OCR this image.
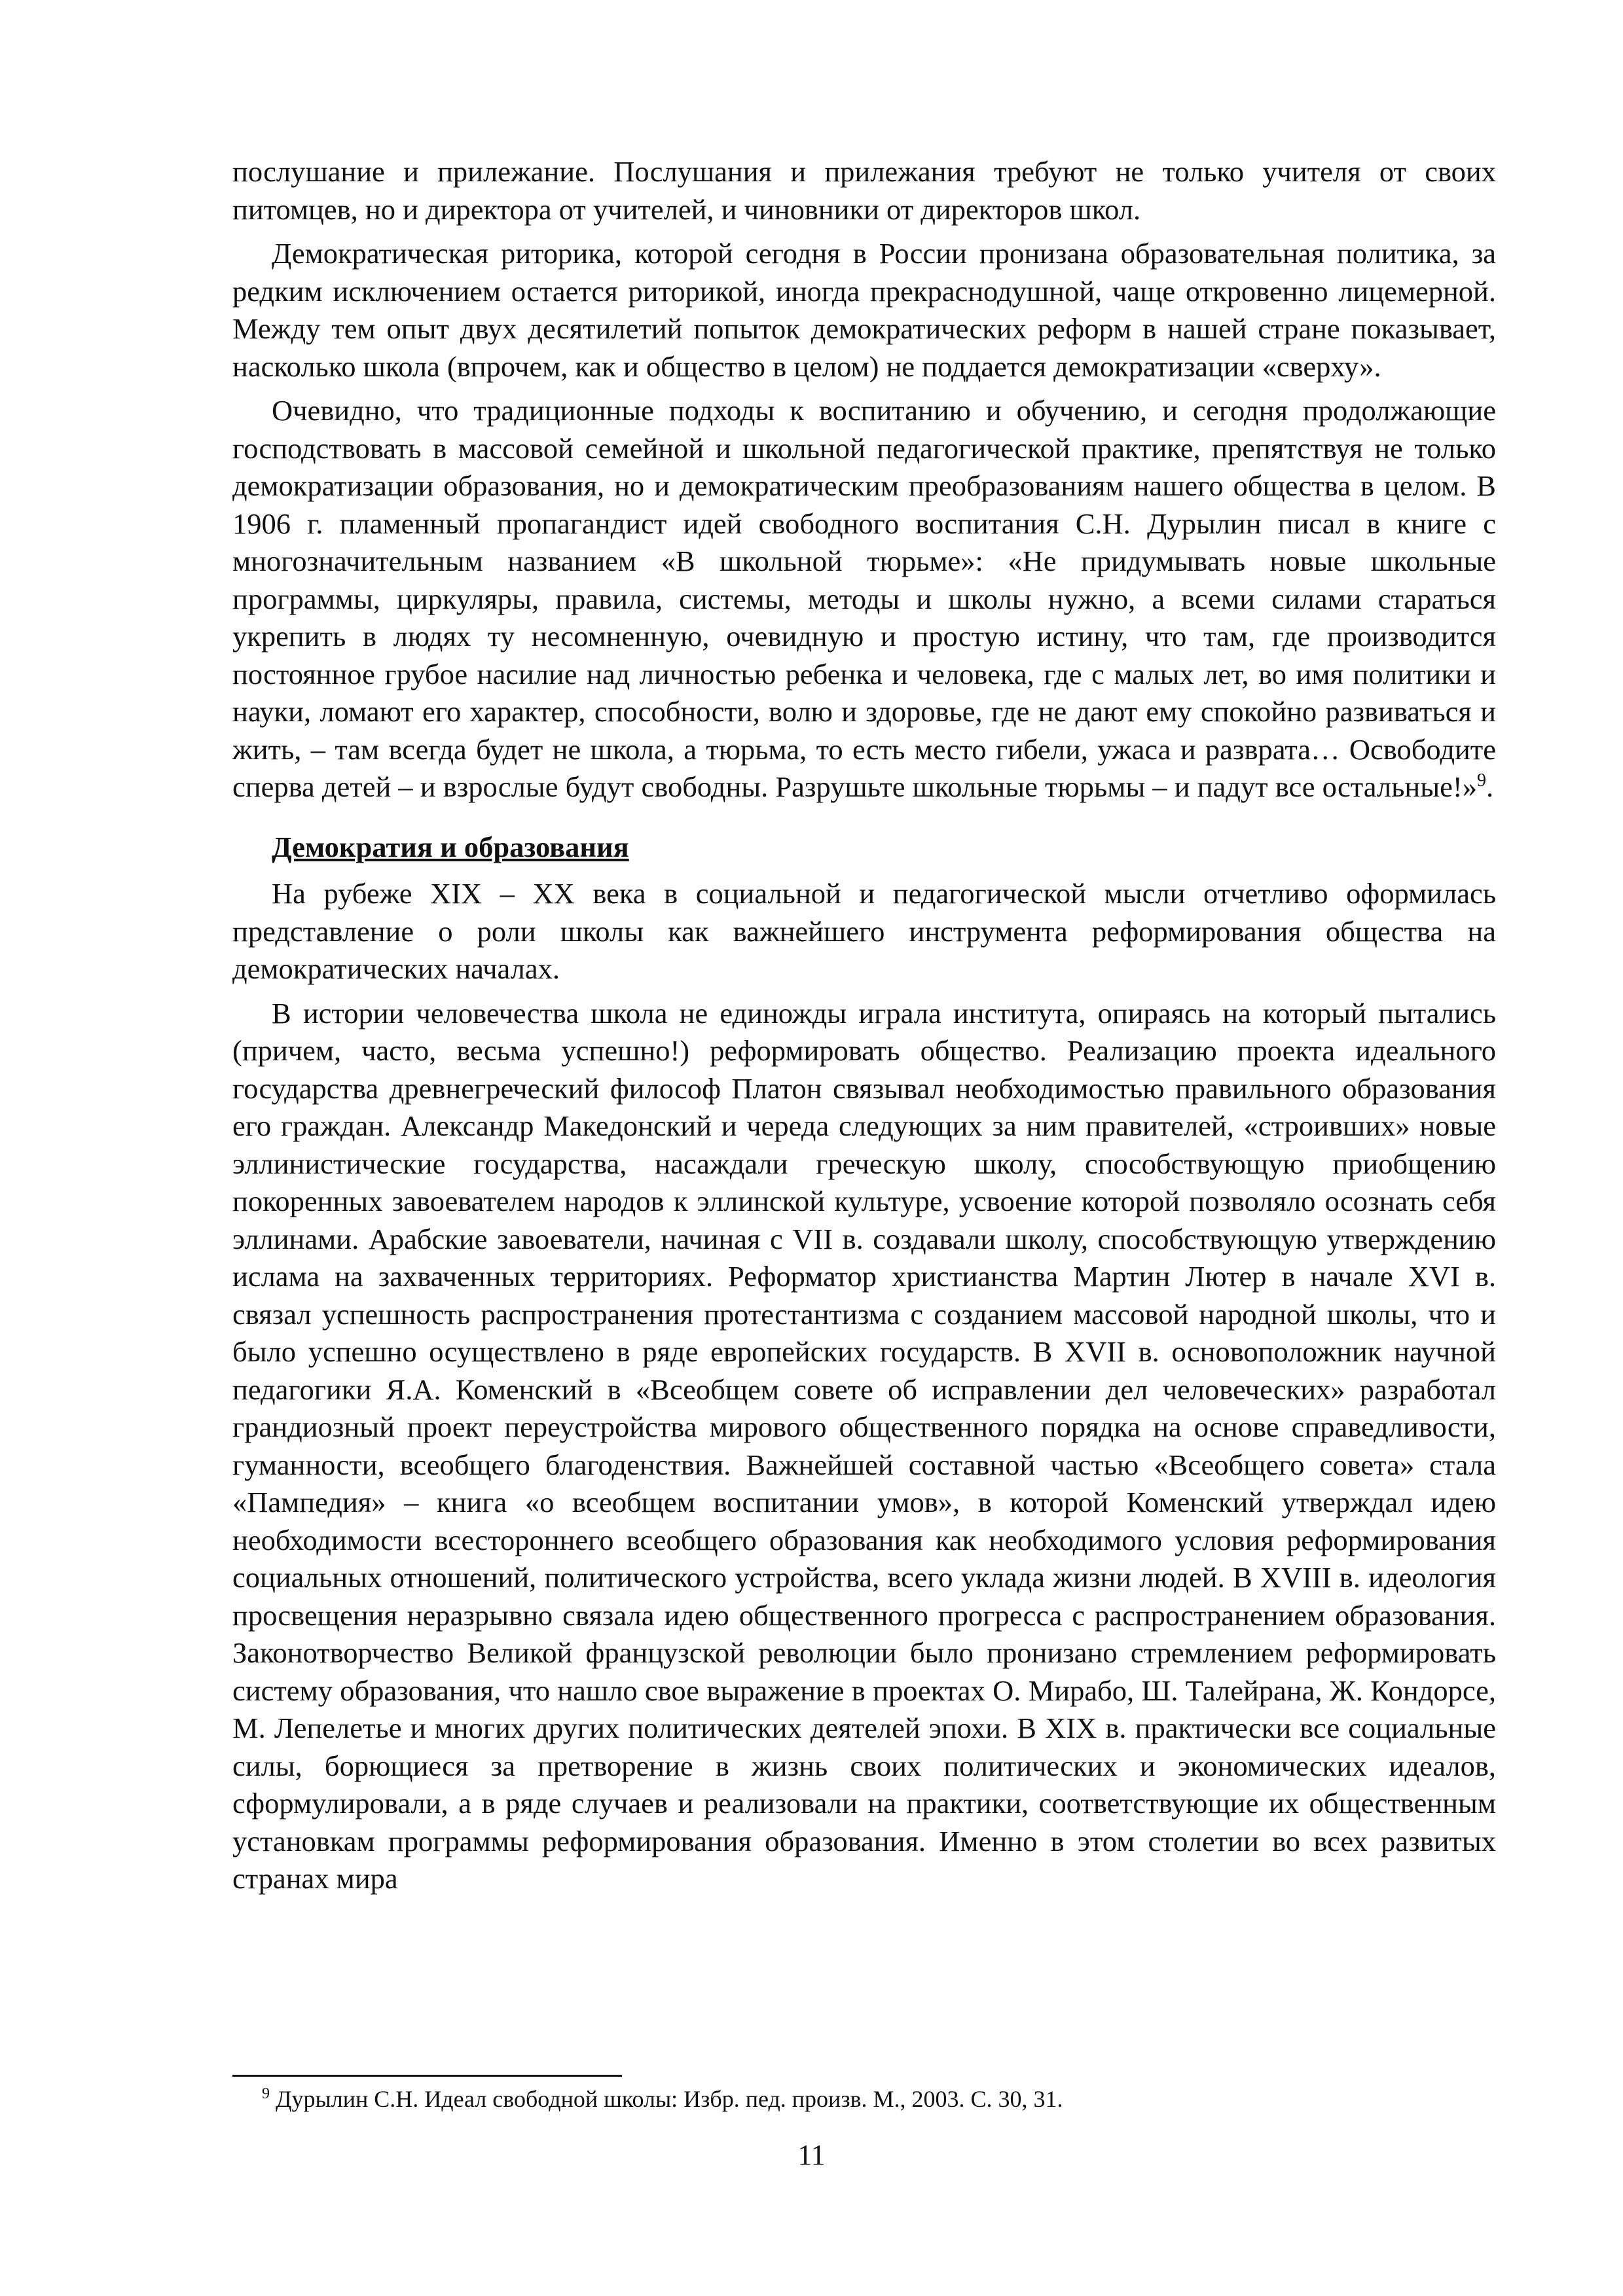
послушание и прилежание. Послушания и прилежания требуют не только учителя от своих питомцев, но и директора от учителей, и чиновники от директоров школ.

Демократическая риторика, которой сегодня в России пронизана образовательная политика, за редким исключением остается риторикой, иногда прекраснодушной, чаще откровенно лицемерной. Между тем опыт двух десятилетий попыток демократических реформ в нашей стране показывает, насколько школа (впрочем, как и общество в целом) не поддается демократизации «сверху».

Очевидно, что традиционные подходы к воспитанию и обучению, и сегодня продолжающие господствовать в массовой семейной и школьной педагогической практике, препятствуя не только демократизации образования, но и демократическим преобразованиям нашего общества в целом. В 1906 г. пламенный пропагандист идей свободного воспитания С.Н. Дурылин писал в книге с многозначительным названием «В школьной тюрьме»: «Не придумывать новые школьные программы, циркуляры, правила, системы, методы и школы нужно, а всеми силами стараться укрепить в людях ту несомненную, очевидную и простую истину, что там, где производится постоянное грубое насилие над личностью ребенка и человека, где с малых лет, во имя политики и науки, ломают его характер, способности, волю и здоровье, где не дают ему спокойно развиваться и жить, – там всегда будет не школа, а тюрьма, то есть место гибели, ужаса и разврата… Освободите сперва детей – и взрослые будут свободны. Разрушьте школьные тюрьмы – и падут все остальные!»$^9$.

Демократия и образования

На рубеже XIX – XX века в социальной и педагогической мысли отчетливо оформилась представление о роли школы как важнейшего инструмента реформирования общества на демократических началах.

В истории человечества школа не единожды играла института, опираясь на который пытались (причем, часто, весьма успешно!) реформировать общество. Реализацию проекта идеального государства древнегреческий философ Платон связывал необходимостью правильного образования его граждан. Александр Македонский и череда следующих за ним правителей, «строивших» новые эллинистические государства, насаждали греческую школу, способствующую приобщению покоренных завоевателем народов к эллинской культуре, усвоение которой позволяло осознать себя эллинами. Арабские завоеватели, начиная с VII в. создавали школу, способствующую утверждению ислама на захваченных территориях. Реформатор христианства Мартин Лютер в начале XVI в. связал успешность распространения протестантизма с созданием массовой народной школы, что и было успешно осуществлено в ряде европейских государств. В XVII в. основоположник научной педагогики Я.А. Коменский в «Всеобщем совете об исправлении дел человеческих» разработал грандиозный проект переустройства мирового общественного порядка на основе справедливости, гуманности, всеобщего благоденствия. Важнейшей составной частью «Всеобщего совета» стала «Пампедия» – книга «о всеобщем воспитании умов», в которой Коменский утверждал идею необходимости всестороннего всеобщего образования как необходимого условия реформирования социальных отношений, политического устройства, всего уклада жизни людей. В XVIII в. идеология просвещения неразрывно связала идею общественного прогресса с распространением образования. Законотворчество Великой французской революции было пронизано стремлением реформировать систему образования, что нашло свое выражение в проектах О. Мирабо, Ш. Талейрана, Ж. Кондорсе, М. Лепелетье и многих других политических деятелей эпохи. В XIX в. практически все социальные силы, борющиеся за претворение в жизнь своих политических и экономических идеалов, сформулировали, а в ряде случаев и реализовали на практики, соответствующие их общественным установкам программы реформирования образования. Именно в этом столетии во всех развитых странах мира

$^9$ Дурылин С.Н. Идеал свободной школы: Избр. пед. произв. М., 2003. С. 30, 31.
11
